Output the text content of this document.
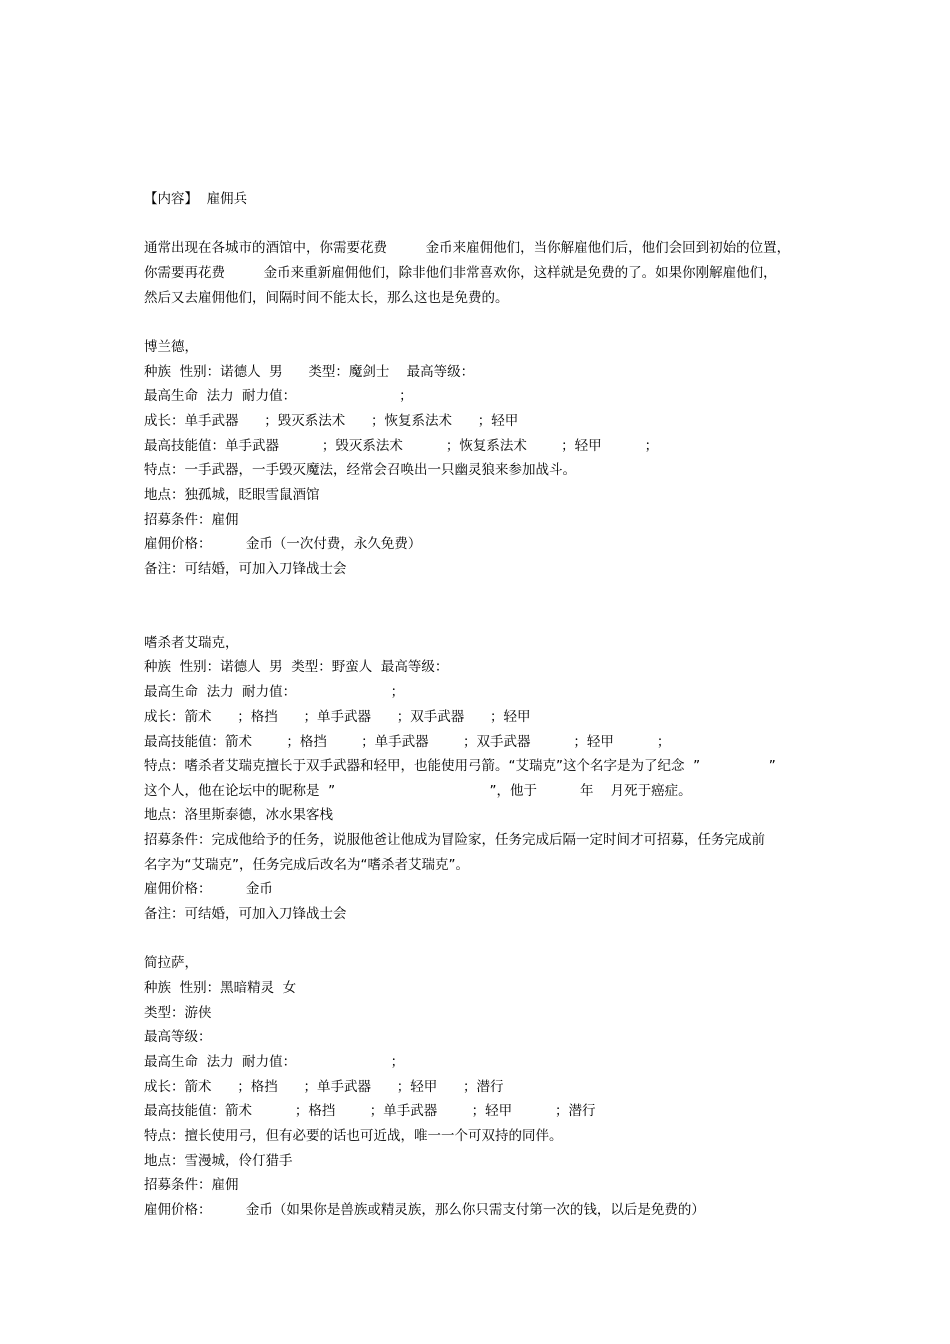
【内容】  雇佣兵
通常出现在各城市的酒馆中，你需要花费         金币来雇佣他们，当你解雇他们后，他们会回到初始的位置，
你需要再花费         金币来重新雇佣他们，除非他们非常喜欢你，这样就是免费的了。如果你刚解雇他们，
然后又去雇佣他们，间隔时间不能太长，那么这也是免费的。
博兰德，
种族  性别：诺德人  男      类型：魔剑士    最高等级：
最高生命  法力  耐力值：                        ；
成长：单手武器      ；毁灭系法术      ；恢复系法术      ；轻甲
最高技能值：单手武器          ；毁灭系法术          ；恢复系法术        ；轻甲          ；
特点：一手武器，一手毁灭魔法，经常会召唤出一只幽灵狼来参加战斗。
地点：独孤城，眨眼雪鼠酒馆
招募条件：雇佣
雇佣价格：        金币（一次付费，永久免费）
备注：可结婚，可加入刀锋战士会
嗜杀者艾瑞克，
种族  性别：诺德人  男  类型：野蛮人  最高等级：
最高生命  法力  耐力值：                      ；
成长：箭术      ；格挡      ；单手武器      ；双手武器      ；轻甲
最高技能值：箭术        ；格挡        ；单手武器        ；双手武器          ；轻甲          ；
特点：嗜杀者艾瑞克擅长于双手武器和轻甲，也能使用弓箭。“艾瑞克”这个名字是为了纪念  ”                ”
这个人，他在论坛中的昵称是  ”                                    ”，他于          年    月死于癌症。
地点：洛里斯泰德，冰水果客栈
招募条件：完成他给予的任务，说服他爸让他成为冒险家，任务完成后隔一定时间才可招募，任务完成前
名字为“艾瑞克”，任务完成后改名为“嗜杀者艾瑞克”。
雇佣价格：        金币
备注：可结婚，可加入刀锋战士会
简拉萨，
种族  性别：黑暗精灵  女
类型：游侠
最高等级：
最高生命  法力  耐力值：                      ；
成长：箭术      ；格挡      ；单手武器      ；轻甲      ；潜行
最高技能值：箭术          ；格挡        ；单手武器        ；轻甲          ；潜行
特点：擅长使用弓，但有必要的话也可近战，唯一一个可双持的同伴。
地点：雪漫城，伶仃猎手
招募条件：雇佣
雇佣价格：        金币（如果你是兽族或精灵族，那么你只需支付第一次的钱，以后是免费的）
